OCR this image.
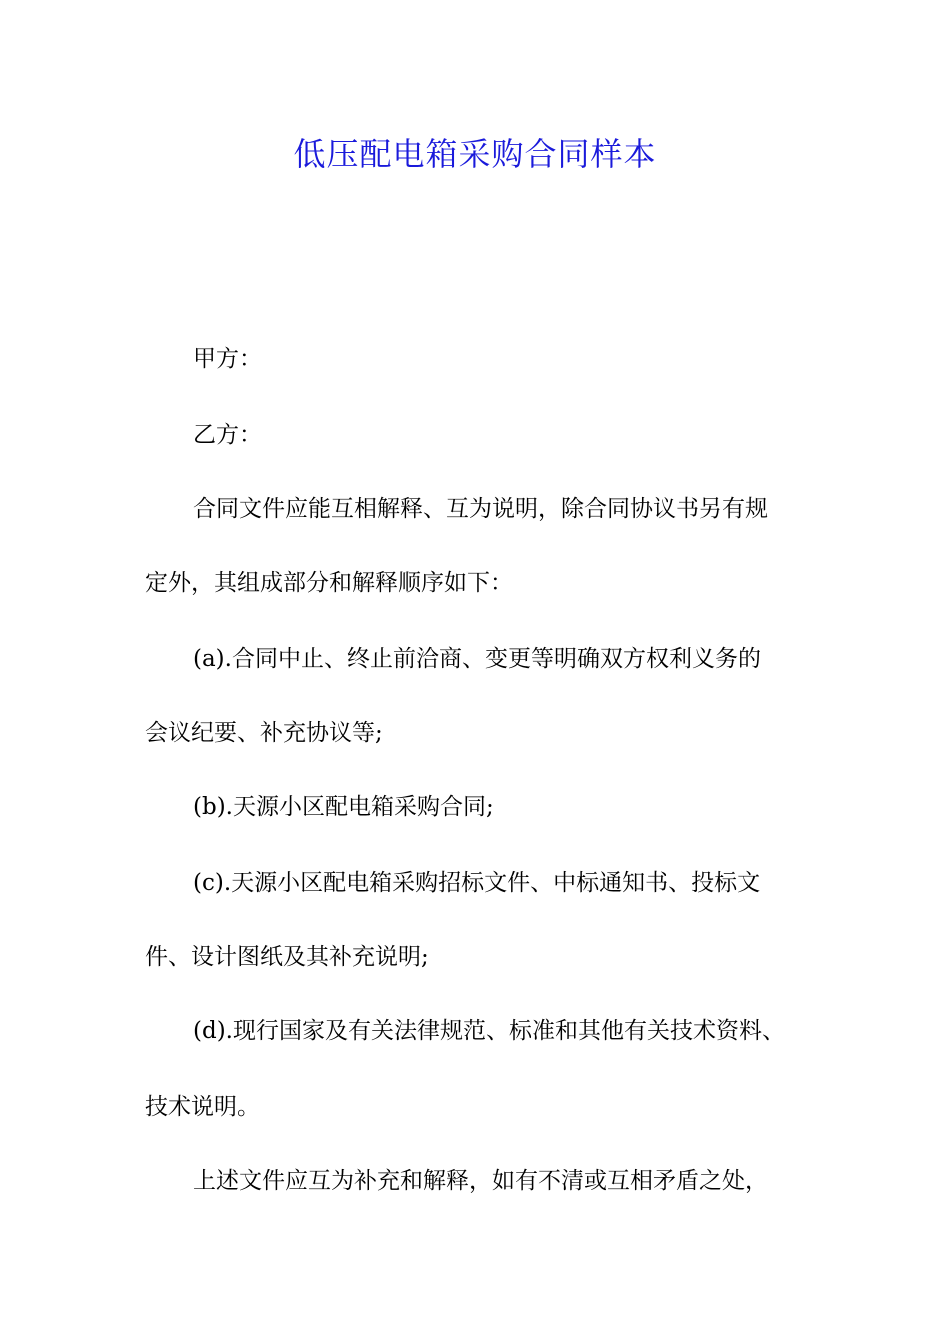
低压配电箱采购合同样本
甲方：
乙方：
合同文件应能互相解释、互为说明，除合同协议书另有规
定外，其组成部分和解释顺序如下：
(a).合同中止、终止前洽商、变更等明确双方权利义务的
会议纪要、补充协议等;
(b).天源小区配电箱采购合同;
(c).天源小区配电箱采购招标文件、中标通知书、投标文
件、设计图纸及其补充说明;
(d).现行国家及有关法律规范、标准和其他有关技术资料、
技术说明。
上述文件应互为补充和解释，如有不清或互相矛盾之处，
